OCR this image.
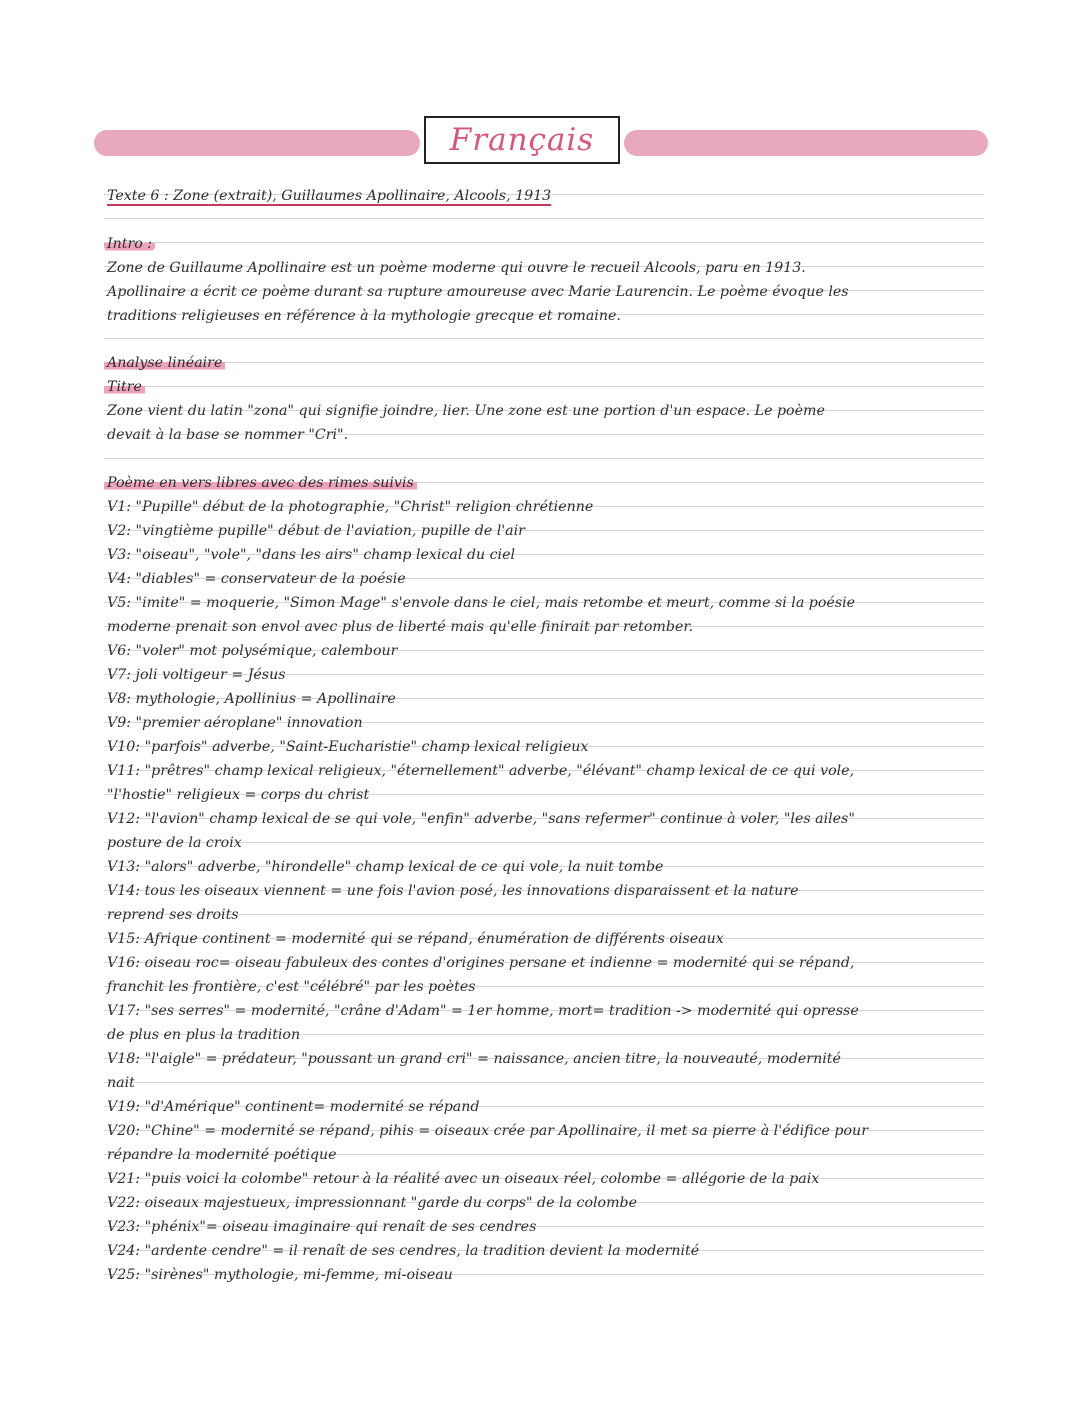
Français
Texte 6 : Zone (extrait), Guillaumes Apollinaire, Alcools, 1913
Intro :
Zone de Guillaume Apollinaire est un poème moderne qui ouvre le recueil Alcools, paru en 1913.
Apollinaire a écrit ce poème durant sa rupture amoureuse avec Marie Laurencin. Le poème évoque les
traditions religieuses en référence à la mythologie grecque et romaine.
Analyse linéaire
Titre
Zone vient du latin "zona" qui signifie joindre, lier. Une zone est une portion d'un espace. Le poème
devait à la base se nommer "Cri".
Poème en vers libres avec des rimes suivis
V1: "Pupille" début de la photographie, "Christ" religion chrétienne
V2: "vingtième pupille" début de l'aviation, pupille de l'air
V3: "oiseau", "vole", "dans les airs" champ lexical du ciel
V4: "diables" = conservateur de la poésie
V5: "imite" = moquerie, "Simon Mage" s'envole dans le ciel, mais retombe et meurt, comme si la poésie
moderne prenait son envol avec plus de liberté mais qu'elle finirait par retomber.
V6: "voler" mot polysémique, calembour
V7: joli voltigeur = Jésus
V8: mythologie, Apollinius = Apollinaire
V9: "premier aéroplane" innovation
V10: "parfois" adverbe, "Saint-Eucharistie" champ lexical religieux
V11: "prêtres" champ lexical religieux, "éternellement" adverbe, "élévant" champ lexical de ce qui vole,
"l'hostie" religieux = corps du christ
V12: "l'avion" champ lexical de se qui vole, "enfin" adverbe, "sans refermer" continue à voler, "les ailes"
posture de la croix
V13: "alors" adverbe, "hirondelle" champ lexical de ce qui vole, la nuit tombe
V14: tous les oiseaux viennent = une fois l'avion posé, les innovations disparaissent et la nature
reprend ses droits
V15: Afrique continent = modernité qui se répand, énumération de différents oiseaux
V16: oiseau roc= oiseau fabuleux des contes d'origines persane et indienne = modernité qui se répand,
franchit les frontière, c'est "célébré" par les poètes
V17: "ses serres" = modernité, "crâne d'Adam" = 1er homme, mort= tradition -> modernité qui opresse
de plus en plus la tradition
V18: "l'aigle" = prédateur, "poussant un grand cri" = naissance, ancien titre, la nouveauté, modernité
nait
V19: "d'Amérique" continent= modernité se répand
V20: "Chine" = modernité se répand, pihis = oiseaux crée par Apollinaire, il met sa pierre à l'édifice pour
répandre la modernité poétique
V21: "puis voici la colombe" retour à la réalité avec un oiseaux réel, colombe = allégorie de la paix
V22: oiseaux majestueux, impressionnant "garde du corps" de la colombe
V23: "phénix"= oiseau imaginaire qui renaît de ses cendres
V24: "ardente cendre" = il renaît de ses cendres, la tradition devient la modernité
V25: "sirènes" mythologie, mi-femme, mi-oiseau
